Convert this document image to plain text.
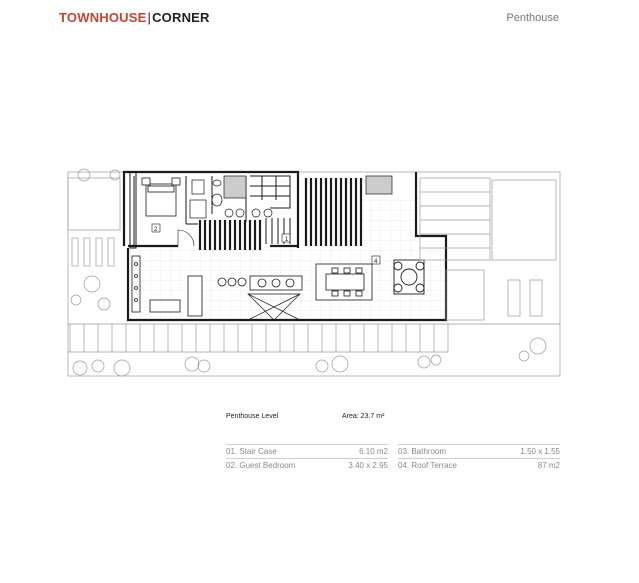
TOWNHOUSE|CORNER	Penthouse
2
1
4
Penthouse Level	Area: 23.7 m²
01. Stair Case	6.10 m2
02. Guest Bedroom	3.40 x 2.95
03. Bathroom	1.50 x 1.55
04. Roof Terrace	87 m2
